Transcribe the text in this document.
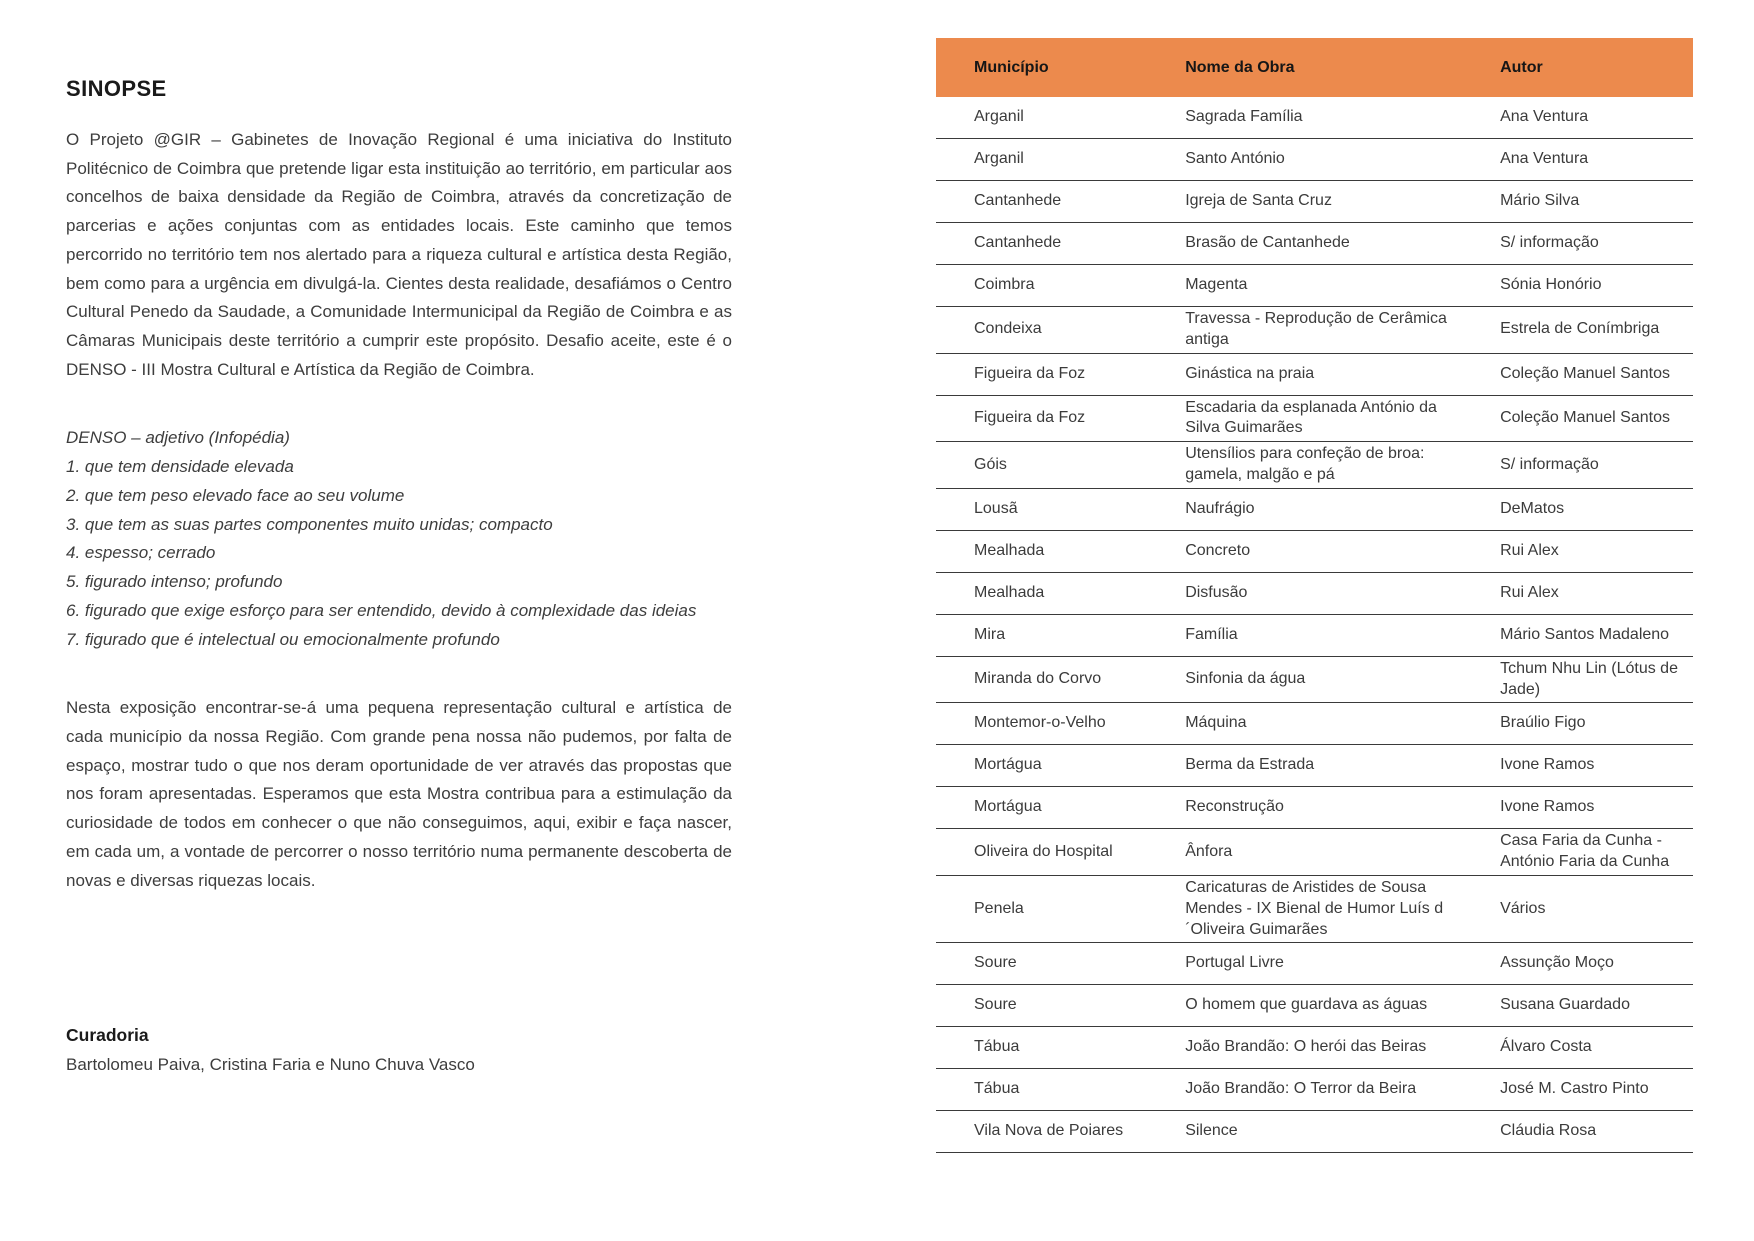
SINOPSE

O Projeto @GIR – Gabinetes de Inovação Regional é uma iniciativa do Instituto Politécnico de Coimbra que pretende ligar esta instituição ao território, em particular aos concelhos de baixa densidade da Região de Coimbra, através da concretização de parcerias e ações conjuntas com as entidades locais. Este caminho que temos percorrido no território tem nos alertado para a riqueza cultural e artística desta Região, bem como para a urgência em divulgá-la. Cientes desta realidade, desafiámos o Centro Cultural Penedo da Saudade, a Comunidade Intermunicipal da Região de Coimbra e as Câmaras Municipais deste território a cumprir este propósito. Desafio aceite, este é o DENSO - III Mostra Cultural e Artística da Região de Coimbra.

DENSO – adjetivo (Infopédia)
1. que tem densidade elevada
2. que tem peso elevado face ao seu volume
3. que tem as suas partes componentes muito unidas; compacto
4. espesso; cerrado
5. figurado intenso; profundo
6. figurado que exige esforço para ser entendido, devido à complexidade das ideias
7. figurado que é intelectual ou emocionalmente profundo

Nesta exposição encontrar-se-á uma pequena representação cultural e artística de cada município da nossa Região. Com grande pena nossa não pudemos, por falta de espaço, mostrar tudo o que nos deram oportunidade de ver através das propostas que nos foram apresentadas. Esperamos que esta Mostra contribua para a estimulação da curiosidade de todos em conhecer o que não conseguimos, aqui, exibir e faça nascer, em cada um, a vontade de percorrer o nosso território numa permanente descoberta de novas e diversas riquezas locais.

Curadoria
Bartolomeu Paiva, Cristina Faria e Nuno Chuva Vasco
Município	Nome da Obra	Autor
Arganil	Sagrada Família	Ana Ventura
Arganil	Santo António	Ana Ventura
Cantanhede	Igreja de Santa Cruz	Mário Silva
Cantanhede	Brasão de Cantanhede	S/ informação
Coimbra	Magenta	Sónia Honório
Condeixa	Travessa - Reprodução de Cerâmica antiga	Estrela de Conímbriga
Figueira da Foz	Ginástica na praia	Coleção Manuel Santos
Figueira da Foz	Escadaria da esplanada António da Silva Guimarães	Coleção Manuel Santos
Góis	Utensílios para confeção de broa: gamela, malgão e pá	S/ informação
Lousã	Naufrágio	DeMatos
Mealhada	Concreto	Rui Alex
Mealhada	Disfusão	Rui Alex
Mira	Família	Mário Santos Madaleno
Miranda do Corvo	Sinfonia da água	Tchum Nhu Lin (Lótus de Jade)
Montemor-o-Velho	Máquina	Braúlio Figo
Mortágua	Berma da Estrada	Ivone Ramos
Mortágua	Reconstrução	Ivone Ramos
Oliveira do Hospital	Ânfora	Casa Faria da Cunha - António Faria da Cunha
Penela	Caricaturas de Aristides de Sousa Mendes - IX Bienal de Humor Luís d´Oliveira Guimarães	Vários
Soure	Portugal Livre	Assunção Moço
Soure	O homem que guardava as águas	Susana Guardado
Tábua	João Brandão: O herói das Beiras	Álvaro Costa
Tábua	João Brandão: O Terror da Beira	José M. Castro Pinto
Vila Nova de Poiares	Silence	Cláudia Rosa
